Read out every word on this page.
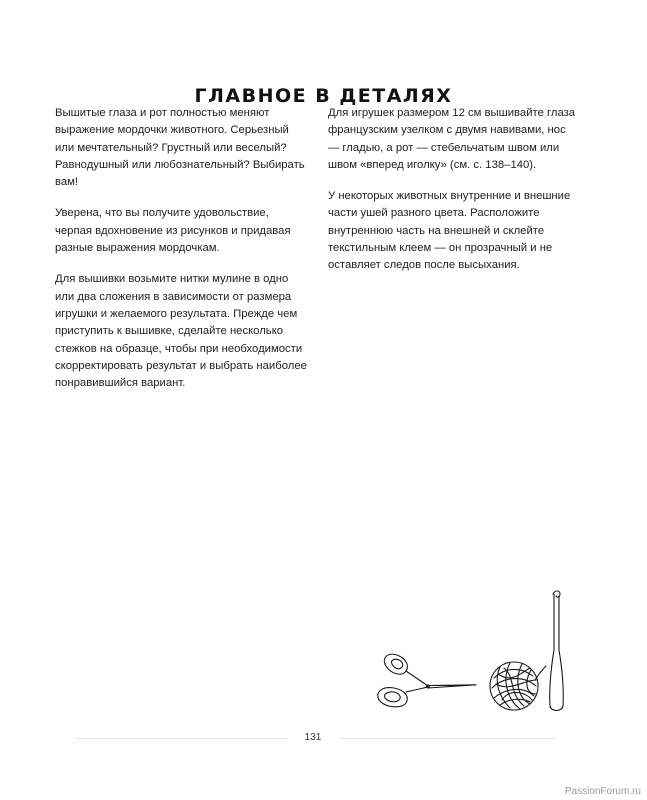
ГЛАВНОЕ В ДЕТАЛЯХ

Вышитые глаза и рот полностью меняют выражение мордочки животного. Серьезный или мечтательный? Грустный или веселый? Равнодушный или любознательный? Выбирать вам!

Уверена, что вы получите удовольствие, черпая вдохновение из рисунков и придавая разные выражения мордочкам.

Для вышивки возьмите нитки мулине в одно или два сложения в зависимости от размера игрушки и желаемого результата. Прежде чем приступить к вышивке, сделайте несколько стежков на образце, чтобы при необходимости скорректировать результат и выбрать наиболее понравившийся вариант.

Для игрушек размером 12 см вышивайте глаза французским узелком с двумя навивами, нос — гладью, а рот — стебельчатым швом или швом «вперед иголку» (см. с. 138–140).

У некоторых животных внутренние и внешние части ушей разного цвета. Расположите внутреннюю часть на внешней и склейте текстильным клеем — он прозрачный и не оставляет следов после высыхания.

131
PassionForum.ru
